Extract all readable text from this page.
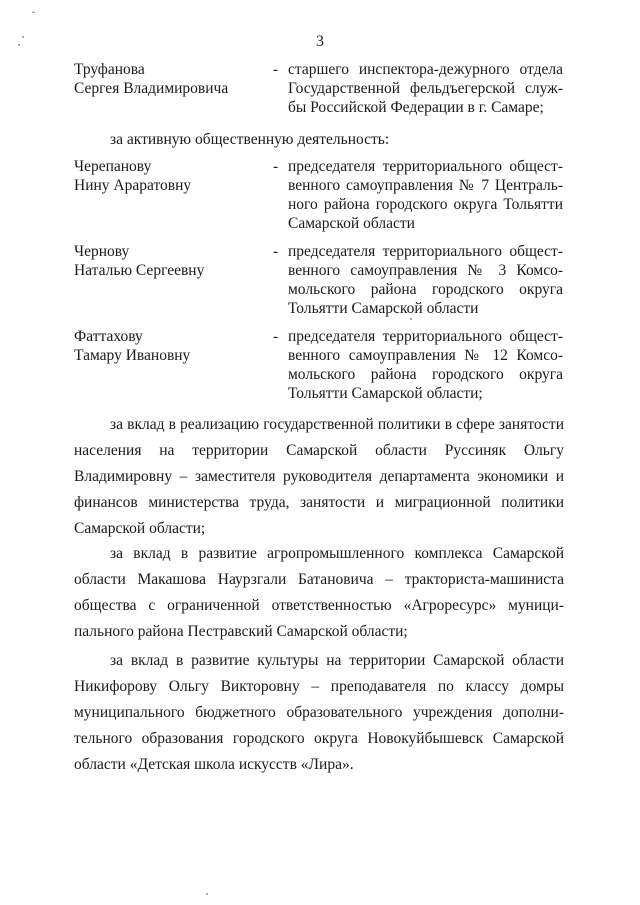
ˇ
3
Труфанова
Сергея Владимировича
- старшего инспектора-дежурного отдела
Государственной фельдъегерской служ-
бы Российской Федерации в г. Самаре;
за активную общественную деятельность:
Черепанову
Нину Араратовну
- председателя территориального общест-
венного самоуправления № 7 Централь-
ного района городского округа Тольятти
Самарской области
Чернову
Наталью Сергеевну
- председателя территориального общест-
венного самоуправления № 3 Комсо-
мольского района городского округа
Тольятти Самарской области
Фаттахову
Тамару Ивановну
- председателя территориального общест-
венного самоуправления № 12 Комсо-
мольского района городского округа
Тольятти Самарской области;
за вклад в реализацию государственной политики в сфере занятости
населения на территории Самарской области Руссиняк Ольгу
Владимировну – заместителя руководителя департамента экономики и
финансов министерства труда, занятости и миграционной политики
Самарской области;
за вклад в развитие агропромышленного комплекса Самарской
области Макашова Наурзгали Батановича – тракториста-машиниста
общества с ограниченной ответственностью «Агроресурс» муници-
пального района Пестравский Самарской области;
за вклад в развитие культуры на территории Самарской области
Никифорову Ольгу Викторовну – преподавателя по классу домры
муниципального бюджетного образовательного учреждения дополни-
тельного образования городского округа Новокуйбышевск Самарской
области «Детская школа искусств «Лира».
